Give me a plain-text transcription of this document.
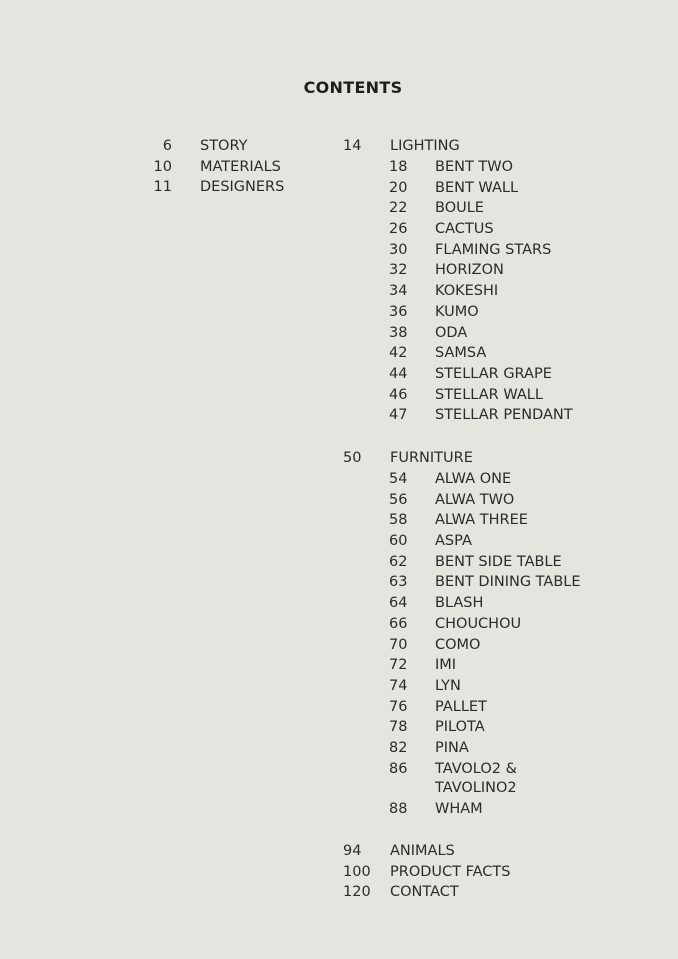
CONTENTS
6 STORY
10 MATERIALS
11 DESIGNERS
14 LIGHTING
18 BENT TWO
20 BENT WALL
22 BOULE
26 CACTUS
30 FLAMING STARS
32 HORIZON
34 KOKESHI
36 KUMO
38 ODA
42 SAMSA
44 STELLAR GRAPE
46 STELLAR WALL
47 STELLAR PENDANT
50 FURNITURE
54 ALWA ONE
56 ALWA TWO
58 ALWA THREE
60 ASPA
62 BENT SIDE TABLE
63 BENT DINING TABLE
64 BLASH
66 CHOUCHOU
70 COMO
72 IMI
74 LYN
76 PALLET
78 PILOTA
82 PINA
86 TAVOLO2 & TAVOLINO2
88 WHAM
94 ANIMALS
100 PRODUCT FACTS
120 CONTACT
